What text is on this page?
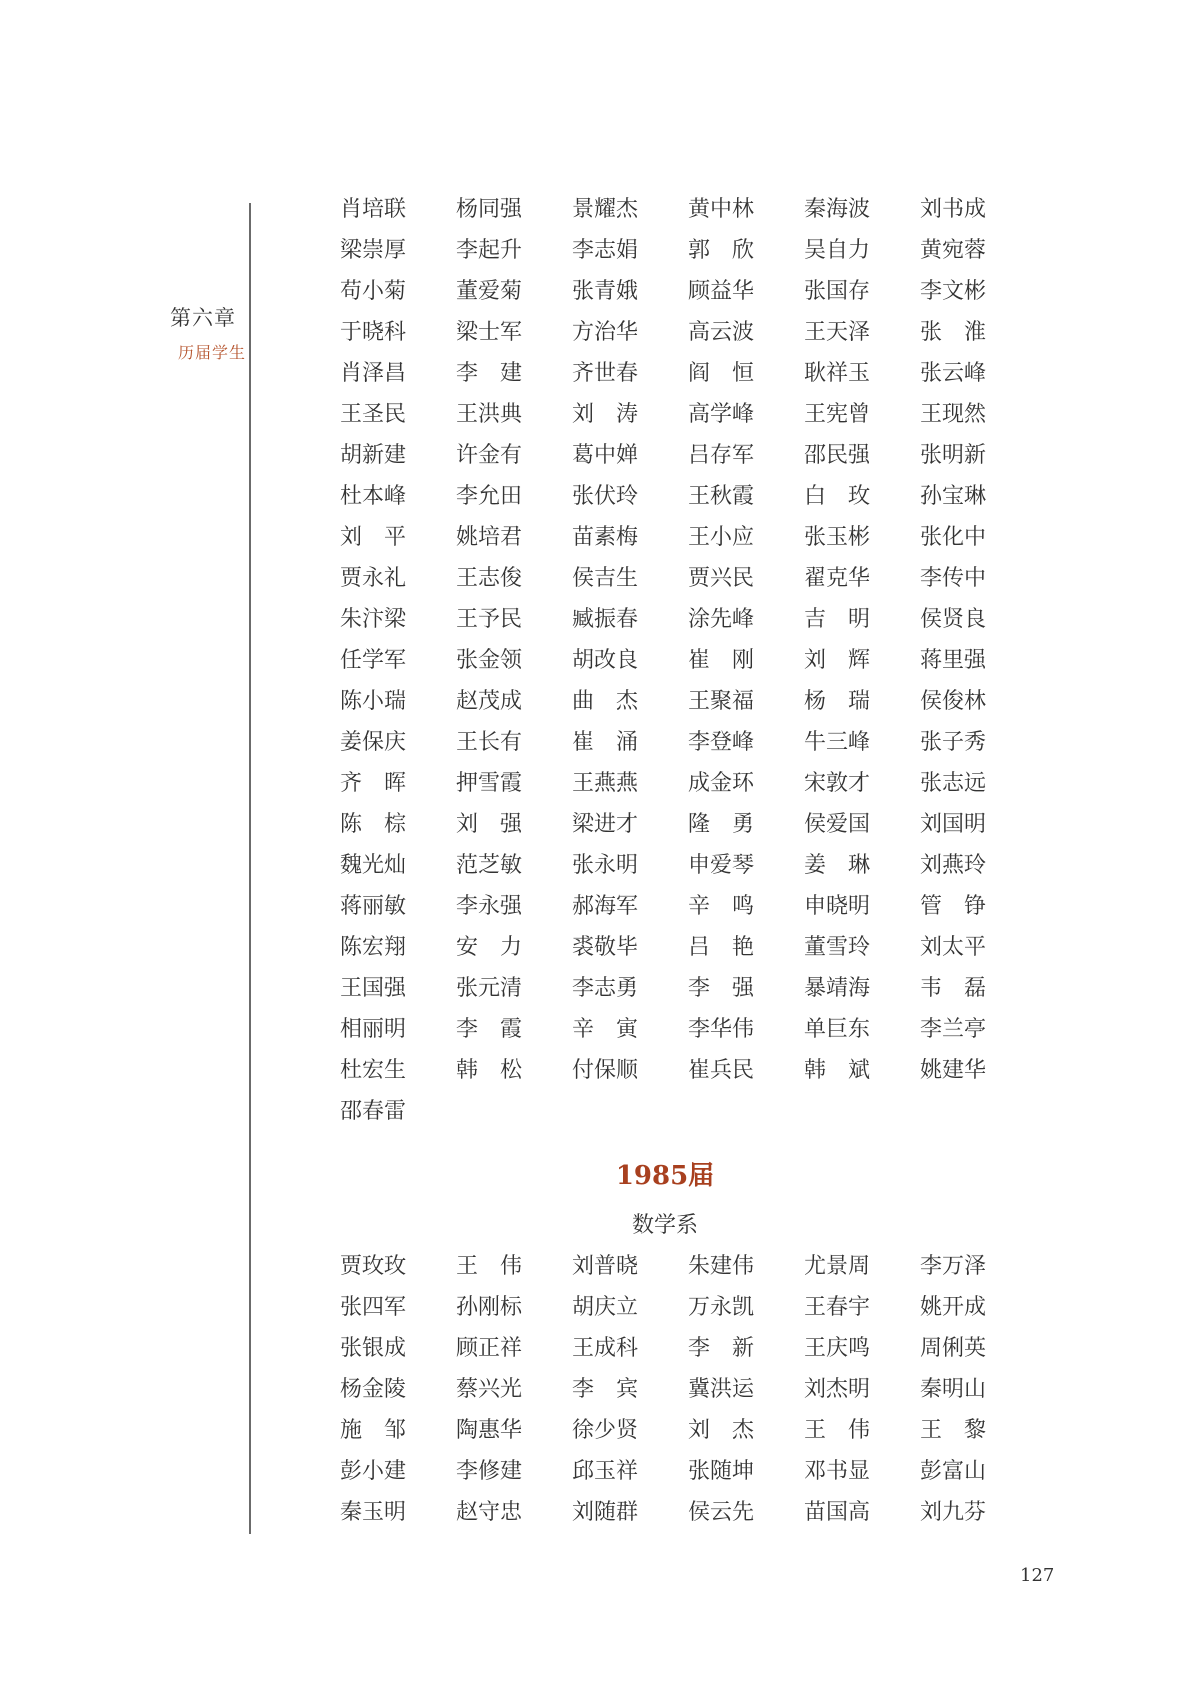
第六章
历届学生
肖培联	杨同强	景耀杰	黄中林	秦海波	刘书成
梁崇厚	李起升	李志娟	郭　欣	吴自力	黄宛蓉
苟小菊	董爱菊	张青娥	顾益华	张国存	李文彬
于晓科	梁士军	方治华	高云波	王天泽	张　淮
肖泽昌	李　建	齐世春	阎　恒	耿祥玉	张云峰
王圣民	王洪典	刘　涛	高学峰	王宪曾	王现然
胡新建	许金有	葛中婵	吕存军	邵民强	张明新
杜本峰	李允田	张伏玲	王秋霞	白　玫	孙宝琳
刘　平	姚培君	苗素梅	王小应	张玉彬	张化中
贾永礼	王志俊	侯吉生	贾兴民	翟克华	李传中
朱汴梁	王予民	臧振春	涂先峰	吉　明	侯贤良
任学军	张金领	胡改良	崔　刚	刘　辉	蒋里强
陈小瑞	赵茂成	曲　杰	王聚福	杨　瑞	侯俊林
姜保庆	王长有	崔　涌	李登峰	牛三峰	张子秀
齐　晖	押雪霞	王燕燕	成金环	宋敦才	张志远
陈　棕	刘　强	梁进才	隆　勇	侯爱国	刘国明
魏光灿	范芝敏	张永明	申爱琴	姜　琳	刘燕玲
蒋丽敏	李永强	郝海军	辛　鸣	申晓明	管　铮
陈宏翔	安　力	裘敬毕	吕　艳	董雪玲	刘太平
王国强	张元清	李志勇	李　强	暴靖海	韦　磊
相丽明	李　霞	辛　寅	李华伟	单巨东	李兰亭
杜宏生	韩　松	付保顺	崔兵民	韩　斌	姚建华
邵春雷
1985届
数学系
贾玫玫	王　伟	刘普晓	朱建伟	尤景周	李万泽
张四军	孙刚标	胡庆立	万永凯	王春宇	姚开成
张银成	顾正祥	王成科	李　新	王庆鸣	周俐英
杨金陵	蔡兴光	李　宾	冀洪运	刘杰明	秦明山
施　邹	陶惠华	徐少贤	刘　杰	王　伟	王　黎
彭小建	李修建	邱玉祥	张随坤	邓书显	彭富山
秦玉明	赵守忠	刘随群	侯云先	苗国高	刘九芬
127
